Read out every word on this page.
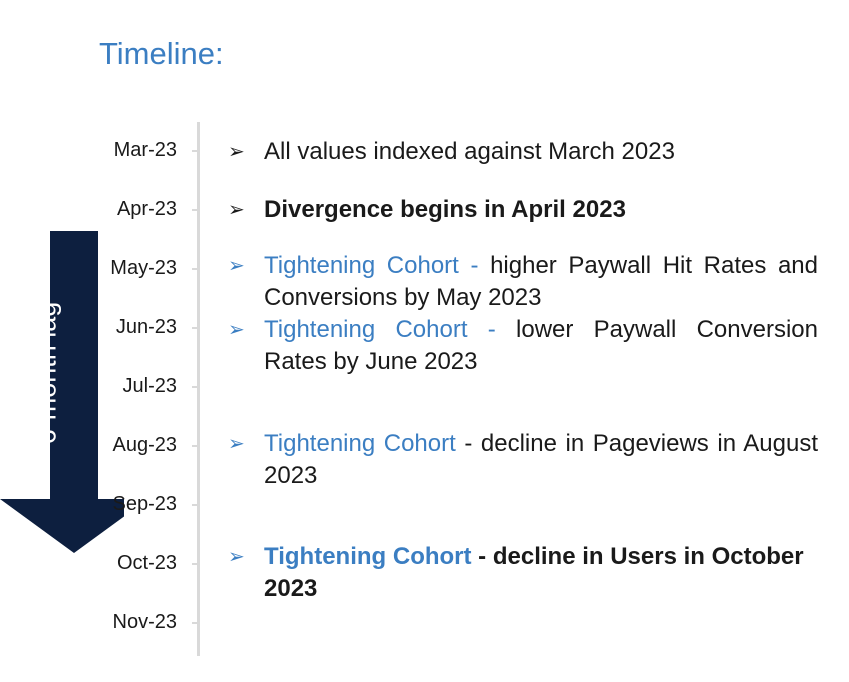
Timeline:
6-month lag
Mar-23
Apr-23
May-23
Jun-23
Jul-23
Aug-23
Sep-23
Oct-23
Nov-23
➢ All values indexed against March 2023
➢ Divergence begins in April 2023
➢ Tightening Cohort - higher Paywall Hit Rates and Conversions by May 2023
➢ Tightening Cohort - lower Paywall Conversion Rates by June 2023
➢ Tightening Cohort - decline in Pageviews in August 2023
➢ Tightening Cohort - decline in Users in October 2023
